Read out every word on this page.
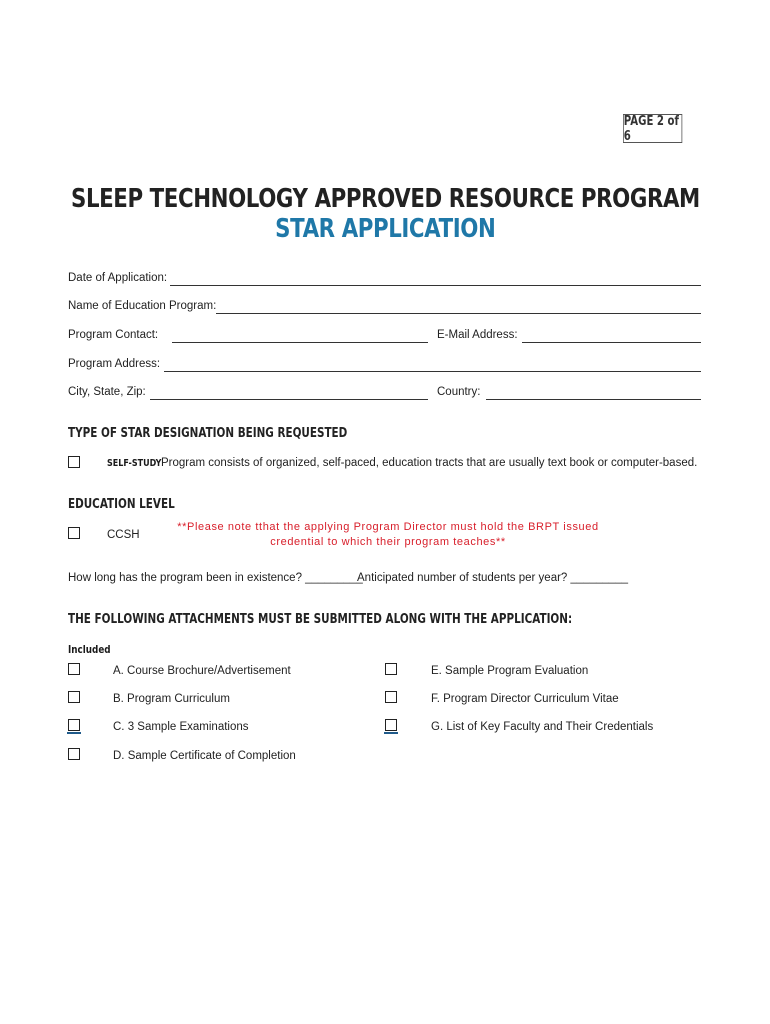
PAGE 2 of 6
SLEEP TECHNOLOGY APPROVED RESOURCE PROGRAM
STAR APPLICATION
Date of Application:
Name of Education Program:
Program Contact:	E-Mail Address:
Program Address:
City, State, Zip:	Country:
TYPE OF STAR DESIGNATION BEING REQUESTED
SELF-STUDY Program consists of organized, self-paced, education tracts that are usually text book or computer-based.
EDUCATION LEVEL
CCSH
**Please note tthat the applying Program Director must hold the BRPT issued
credential to which their program teaches**
How long has the program been in existence? _________
Anticipated number of students per year? _________
THE FOLLOWING ATTACHMENTS MUST BE SUBMITTED ALONG WITH THE APPLICATION:
Included
A. Course Brochure/Advertisement
B. Program Curriculum
C. 3 Sample Examinations
D. Sample Certificate of Completion
E. Sample Program Evaluation
F. Program Director Curriculum Vitae
G. List of Key Faculty and Their Credentials
